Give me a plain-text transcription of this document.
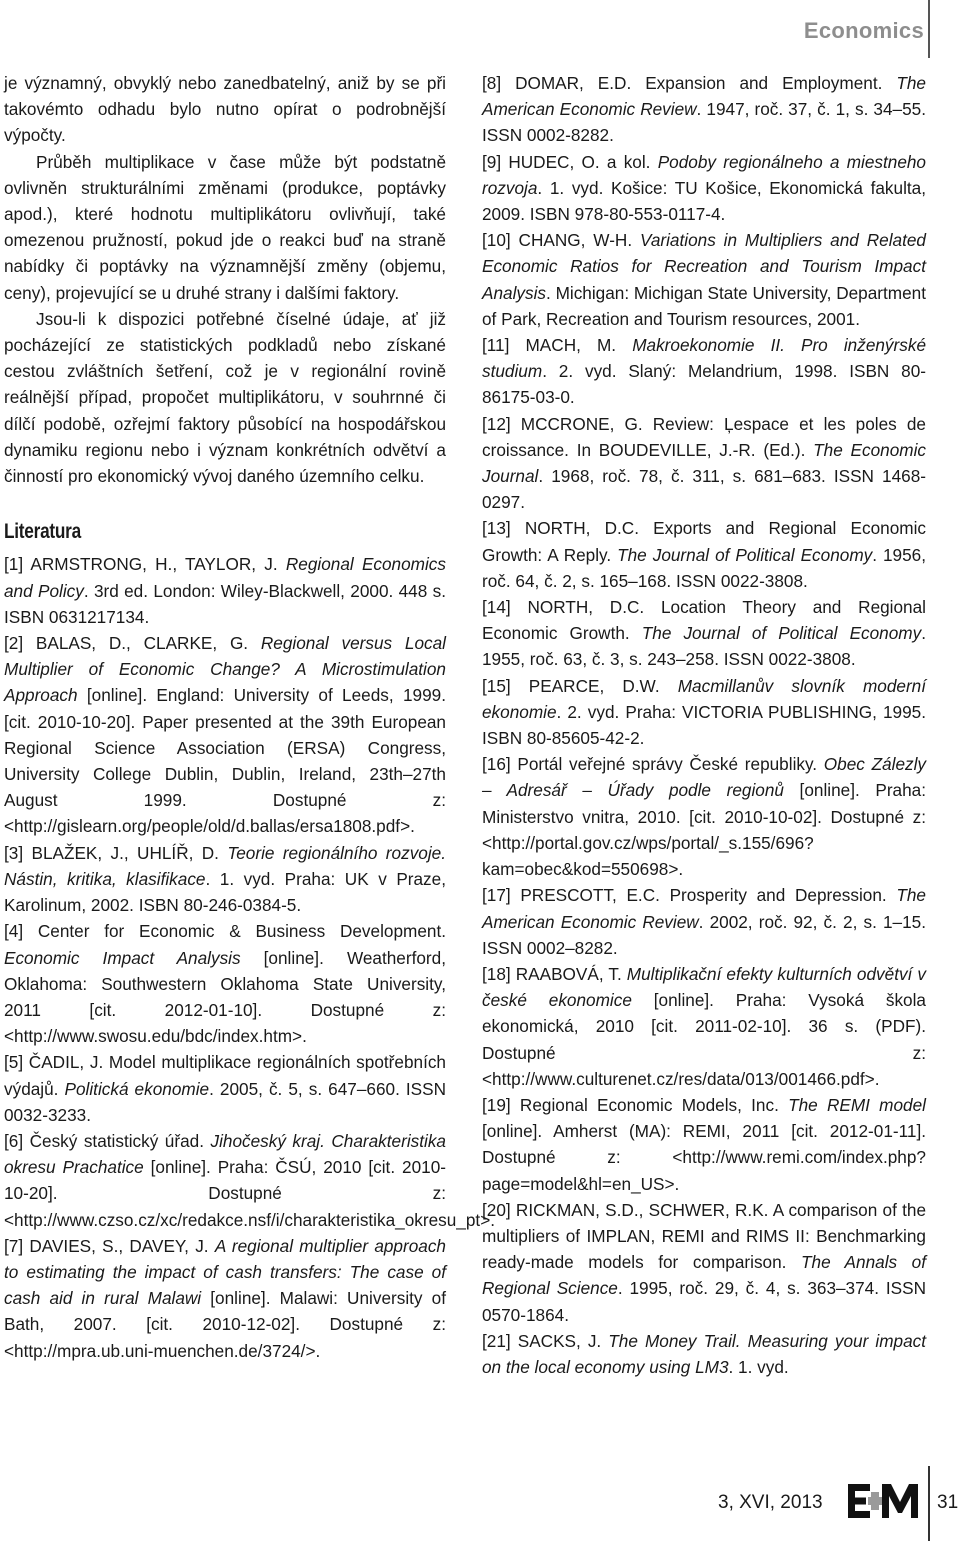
Economics

je významný, obvyklý nebo zanedbatelný, aniž by se při takovémto odhadu bylo nutno opírat o podrobnější výpočty.

Průběh multiplikace v čase může být podstatně ovlivněn strukturálními změnami (produkce, poptávky apod.), které hodnotu multiplikátoru ovlivňují, také omezenou pružností, pokud jde o reakci buď na straně nabídky či poptávky na významnější změny (objemu, ceny), projevující se u druhé strany i dalšími faktory.

Jsou-li k dispozici potřebné číselné údaje, ať již pocházející ze statistických podkladů nebo získané cestou zvláštních šetření, což je v regionální rovině reálnější případ, propočet multiplikátoru, v souhrnné či dílčí podobě, ozřejmí faktory působící na hospodářskou dynamiku regionu nebo i význam konkrétních odvětví a činností pro ekonomický vývoj daného územního celku.

Literatura

[1] ARMSTRONG, H., TAYLOR, J. Regional Economics and Policy. 3rd ed. London: Wiley-Blackwell, 2000. 448 s. ISBN 0631217134.

[2] BALAS, D., CLARKE, G. Regional versus Local Multiplier of Economic Change? A Microstimulation Approach [online]. England: University of Leeds, 1999. [cit. 2010-10-20]. Paper presented at the 39th European Regional Science Association (ERSA) Congress, University College Dublin, Dublin, Ireland, 23th–27th August 1999. Dostupné z: <http://gislearn.org/people/old/d.ballas/ersa1808.pdf>.

[3] BLAŽEK, J., UHLÍŘ, D. Teorie regionálního rozvoje. Nástin, kritika, klasifikace. 1. vyd. Praha: UK v Praze, Karolinum, 2002. ISBN 80-246-0384-5.

[4] Center for Economic & Business Development. Economic Impact Analysis [online]. Weatherford, Oklahoma: Southwestern Oklahoma State University, 2011 [cit. 2012-01-10]. Dostupné z: <http://www.swosu.edu/bdc/index.htm>.

[5] ČADIL, J. Model multiplikace regionálních spotřebních výdajů. Politická ekonomie. 2005, č. 5, s. 647–660. ISSN 0032-3233.

[6] Český statistický úřad. Jihočeský kraj. Charakteristika okresu Prachatice [online]. Praha: ČSÚ, 2010 [cit. 2010-10-20]. Dostupné z: <http://www.czso.cz/xc/redakce.nsf/i/charakteristika_okresu_pt>.

[7] DAVIES, S., DAVEY, J. A regional multiplier approach to estimating the impact of cash transfers: The case of cash aid in rural Malawi [online]. Malawi: University of Bath, 2007. [cit. 2010-12-02]. Dostupné z: <http://mpra.ub.uni-muenchen.de/3724/>.

[8] DOMAR, E.D. Expansion and Employment. The American Economic Review. 1947, roč. 37, č. 1, s. 34–55. ISSN 0002-8282.

[9] HUDEC, O. a kol. Podoby regionálneho a miestneho rozvoja. 1. vyd. Košice: TU Košice, Ekonomická fakulta, 2009. ISBN 978-80-553-0117-4.

[10] CHANG, W-H. Variations in Multipliers and Related Economic Ratios for Recreation and Tourism Impact Analysis. Michigan: Michigan State University, Department of Park, Recreation and Tourism resources, 2001.

[11] MACH, M. Makroekonomie II. Pro inženýrské studium. 2. vyd. Slaný: Melandrium, 1998. ISBN 80-86175-03-0.

[12] MCCRONE, G. Review: Ļespace et les poles de croissance. In BOUDEVILLE, J.-R. (Ed.). The Economic Journal. 1968, roč. 78, č. 311, s. 681–683. ISSN 1468-0297.

[13] NORTH, D.C. Exports and Regional Economic Growth: A Reply. The Journal of Political Economy. 1956, roč. 64, č. 2, s. 165–168. ISSN 0022-3808.

[14] NORTH, D.C. Location Theory and Regional Economic Growth. The Journal of Political Economy. 1955, roč. 63, č. 3, s. 243–258. ISSN 0022-3808.

[15] PEARCE, D.W. Macmillanův slovník moderní ekonomie. 2. vyd. Praha: VICTORIA PUBLISHING, 1995. ISBN 80-85605-42-2.

[16] Portál veřejné správy České republiky. Obec Zálezly – Adresář – Úřady podle regionů [online]. Praha: Ministerstvo vnitra, 2010. [cit. 2010-10-02]. Dostupné z: <http://portal.gov.cz/wps/portal/_s.155/696?kam=obec&kod=550698>.

[17] PRESCOTT, E.C. Prosperity and Depression. The American Economic Review. 2002, roč. 92, č. 2, s. 1–15. ISSN 0002–8282.

[18] RAABOVÁ, T. Multiplikační efekty kulturních odvětví v české ekonomice [online]. Praha: Vysoká škola ekonomická, 2010 [cit. 2011-02-10]. 36 s. (PDF). Dostupné z: <http://www.culturenet.cz/res/data/013/001466.pdf>.

[19] Regional Economic Models, Inc. The REMI model [online]. Amherst (MA): REMI, 2011 [cit. 2012-01-11]. Dostupné z: <http://www.remi.com/index.php?page=model&hl=en_US>.

[20] RICKMAN, S.D., SCHWER, R.K. A comparison of the multipliers of IMPLAN, REMI and RIMS II: Benchmarking ready-made models for comparison. The Annals of Regional Science. 1995, roč. 29, č. 4, s. 363–374. ISSN 0570-1864.

[21] SACKS, J. The Money Trail. Measuring your impact on the local economy using LM3. 1. vyd.

3, XVI, 2013	31
